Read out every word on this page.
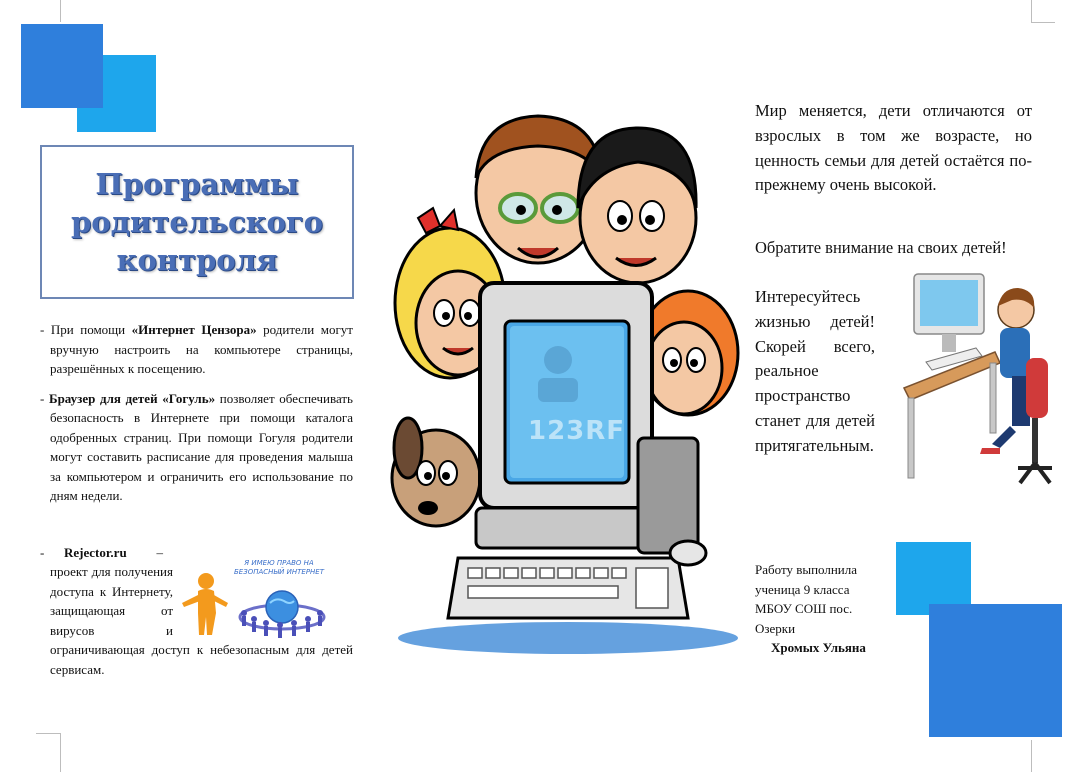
Программы
родительского
контроля

- При помощи «Интернет Цензора» родители могут вручную настроить на компьютере страницы, разрешённых к посещению.

- Браузер для детей «Гогуль» позволяет обеспечивать безопасность в Интернете при помощи каталога одобренных страниц. При помощи Гогуля родители могут составить расписание для проведения малыша за компьютером и ограничить его использование по дням недели.

-	Rejector.ru	–
проект для получения доступа к Интернету, защищающая от вирусов и ограничивающая доступ к небезопасным для детей сервисам.
Я ИМЕЮ ПРАВО НА БЕЗОПАСНЫЙ ИНТЕРНЕТ
123RF

Мир меняется, дети отличаются от взрослых в том же возрасте, но ценность семьи для детей остаётся по-прежнему очень высокой.

Обратите внимание на своих детей!

Интересуйтесь жизнью детей! Скорей всего, реальное пространство станет для детей притягательным.

Работу выполнила
ученица 9 класса
МБОУ СОШ пос.
Озерки
Хромых Ульяна
